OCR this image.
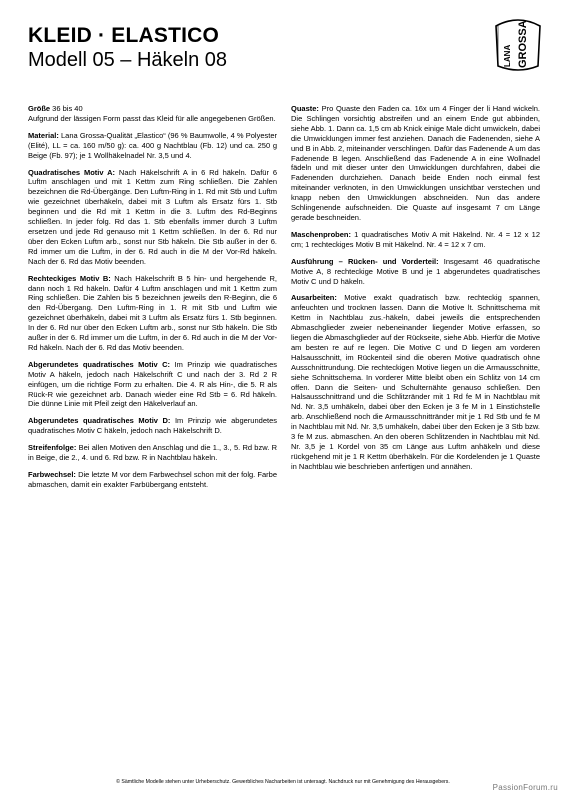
KLEID · ELASTICO
Modell 05 – Häkeln 08	LANA GROSSA

Größe 36 bis 40
Aufgrund der lässigen Form passt das Kleid für alle angegebenen Größen.

Material: Lana Grossa-Qualität „Elastico“ (96 % Baumwolle, 4 % Polyester (Elité), LL = ca. 160 m/50 g): ca. 400 g Nachtblau (Fb. 12) und ca. 250 g Beige (Fb. 97); je 1 Wollhäkelnadel Nr. 3,5 und 4.

Quadratisches Motiv A: Nach Häkelschrift A in 6 Rd häkeln. Dafür 6 Luftm anschlagen und mit 1 Kettm zum Ring schließen. Die Zahlen bezeichnen die Rd-Übergänge. Den Luftm-Ring in 1. Rd mit Stb und Luftm wie gezeichnet überhäkeln, dabei mit 3 Luftm als Ersatz fürs 1. Stb beginnen und die Rd mit 1 Kettm in die 3. Luftm des Rd-Beginns schließen. In jeder folg. Rd das 1. Stb ebenfalls immer durch 3 Luftm ersetzen und jede Rd genauso mit 1 Kettm schließen. In der 6. Rd nur über den Ecken Luftm arb., sonst nur Stb häkeln. Die Stb außer in der 6. Rd immer um die Luftm, in der 6. Rd auch in die M der Vor-Rd häkeln. Nach der 6. Rd das Motiv beenden.

Rechteckiges Motiv B: Nach Häkelschrift B 5 hin- und hergehende R, dann noch 1 Rd häkeln. Dafür 4 Luftm anschlagen und mit 1 Kettm zum Ring schließen. Die Zahlen bis 5 bezeichnen jeweils den R-Beginn, die 6 den Rd-Übergang. Den Luftm-Ring in 1. R mit Stb und Luftm wie gezeichnet überhäkeln, dabei mit 3 Luftm als Ersatz fürs 1. Stb beginnen. In der 6. Rd nur über den Ecken Luftm arb., sonst nur Stb häkeln. Die Stb außer in der 6. Rd immer um die Luftm, in der 6. Rd auch in die M der Vor-Rd häkeln. Nach der 6. Rd das Motiv beenden.

Abgerundetes quadratisches Motiv C: Im Prinzip wie quadratisches Motiv A häkeln, jedoch nach Häkelschrift C und nach der 3. Rd 2 R einfügen, um die richtige Form zu erhalten. Die 4. R als Hin-, die 5. R als Rück-R wie gezeichnet arb. Danach wieder eine Rd Stb = 6. Rd häkeln. Die dünne Linie mit Pfeil zeigt den Häkelverlauf an.

Abgerundetes quadratisches Motiv D: Im Prinzip wie abgerundetes quadratisches Motiv C häkeln, jedoch nach Häkelschrift D.

Streifenfolge: Bei allen Motiven den Anschlag und die 1., 3., 5. Rd bzw. R in Beige, die 2., 4. und 6. Rd bzw. R in Nachtblau häkeln.

Farbwechsel: Die letzte M vor dem Farbwechsel schon mit der folg. Farbe abmaschen, damit ein exakter Farbübergang entsteht.

Quaste: Pro Quaste den Faden ca. 16x um 4 Finger der li Hand wickeln. Die Schlingen vorsichtig abstreifen und an einem Ende gut abbinden, siehe Abb. 1. Dann ca. 1,5 cm ab Knick einige Male dicht umwickeln, dabei die Umwicklungen immer fest anziehen. Danach die Fadenenden, siehe A und B in Abb. 2, miteinander verschlingen. Dafür das Fadenende A um das Fadenende B legen. Anschließend das Fadenende A in eine Wollnadel fädeln und mit dieser unter den Umwicklungen durchfahren, dabei die Fadenenden durchziehen. Danach beide Enden noch einmal fest miteinander verknoten, in den Umwicklungen unsichtbar verstechen und knapp neben den Umwicklungen abschneiden. Nun das andere Schlingenende aufschneiden. Die Quaste auf insgesamt 7 cm Länge gerade beschneiden.

Maschenproben: 1 quadratisches Motiv A mit Häkelnd. Nr. 4 = 12 x 12 cm; 1 rechteckiges Motiv B mit Häkelnd. Nr. 4 = 12 x 7 cm.

Ausführung – Rücken- und Vorderteil: Insgesamt 46 quadratische Motive A, 8 rechteckige Motive B und je 1 abgerundetes quadratisches Motiv C und D häkeln.

Ausarbeiten: Motive exakt quadratisch bzw. rechteckig spannen, anfeuchten und trocknen lassen. Dann die Motive lt. Schnittschema mit Kettm in Nachtblau zus.-häkeln, dabei jeweils die entsprechenden Abmaschglieder zweier nebeneinander liegender Motive erfassen, so liegen die Abmaschglieder auf der Rückseite, siehe Abb. Hierfür die Motive am besten re auf re legen. Die Motive C und D liegen am vorderen Halsausschnitt, im Rückenteil sind die oberen Motive quadratisch ohne Ausschnittrundung. Die rechteckigen Motive liegen un die Armausschnitte, siehe Schnittschema. In vorderer Mitte bleibt oben ein Schlitz von 14 cm offen. Dann die Seiten- und Schulternähte genauso schließen. Den Halsausschnittrand und die Schlitzränder mit 1 Rd fe M in Nachtblau mit Nd. Nr. 3,5 umhäkeln, dabei über den Ecken je 3 fe M in 1 Einstichstelle arb. Anschließend noch die Armausschnittränder mit je 1 Rd Stb und fe M in Nachtblau mit Nd. Nr. 3,5 umhäkeln, dabei über den Ecken je 3 Stb bzw. 3 fe M zus. abmaschen. An den oberen Schlitzenden in Nachtblau mit Nd. Nr. 3,5 je 1 Kordel von 35 cm Länge aus Luftm anhäkeln und diese rückgehend mit je 1 R Kettm überhäkeln. Für die Kordelenden je 1 Quaste in Nachtblau wie beschrieben anfertigen und annähen.

© Sämtliche Modelle stehen unter Urheberschutz. Gewerbliches Nacharbeiten ist untersagt. Nachdruck nur mit Genehmigung des Herausgebers.
PassionForum.ru
